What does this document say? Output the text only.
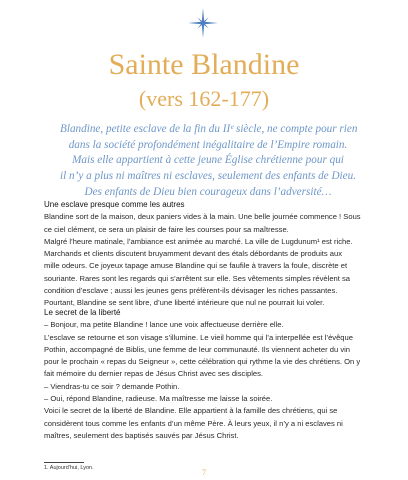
Sainte Blandine
(vers 162-177)
Blandine, petite esclave de la fin du IIᵉ siècle, ne compte pour rien
dans la société profondément inégalitaire de l’Empire romain.
Mais elle appartient à cette jeune Église chrétienne pour qui
il n’y a plus ni maîtres ni esclaves, seulement des enfants de Dieu.
Des enfants de Dieu bien courageux dans l’adversité…
Une esclave presque comme les autres
Blandine sort de la maison, deux paniers vides à la main. Une belle journée commence ! Sous
ce ciel clément, ce sera un plaisir de faire les courses pour sa maîtresse.
Malgré l’heure matinale, l’ambiance est animée au marché. La ville de Lugdunum¹ est riche.
Marchands et clients discutent bruyamment devant des étals débordants de produits aux
mille odeurs. Ce joyeux tapage amuse Blandine qui se faufile à travers la foule, discrète et
souriante. Rares sont les regards qui s’arrêtent sur elle. Ses vêtements simples révèlent sa
condition d’esclave ; aussi les jeunes gens préfèrent-ils dévisager les riches passantes.
Pourtant, Blandine se sent libre, d’une liberté intérieure que nul ne pourrait lui voler.
Le secret de la liberté
– Bonjour, ma petite Blandine ! lance une voix affectueuse derrière elle.
L’esclave se retourne et son visage s’illumine. Le vieil homme qui l’a interpellée est l’évêque
Pothin, accompagné de Biblis, une femme de leur communauté. Ils viennent acheter du vin
pour le prochain « repas du Seigneur », cette célébration qui rythme la vie des chrétiens. On y
fait mémoire du dernier repas de Jésus Christ avec ses disciples.
– Viendras-tu ce soir ? demande Pothin.
– Oui, répond Blandine, radieuse. Ma maîtresse me laisse la soirée.
Voici le secret de la liberté de Blandine. Elle appartient à la famille des chrétiens, qui se
considèrent tous comme les enfants d’un même Père. À leurs yeux, il n’y a ni esclaves ni
maîtres, seulement des baptisés sauvés par Jésus Christ.
1. Aujourd’hui, Lyon.	7
